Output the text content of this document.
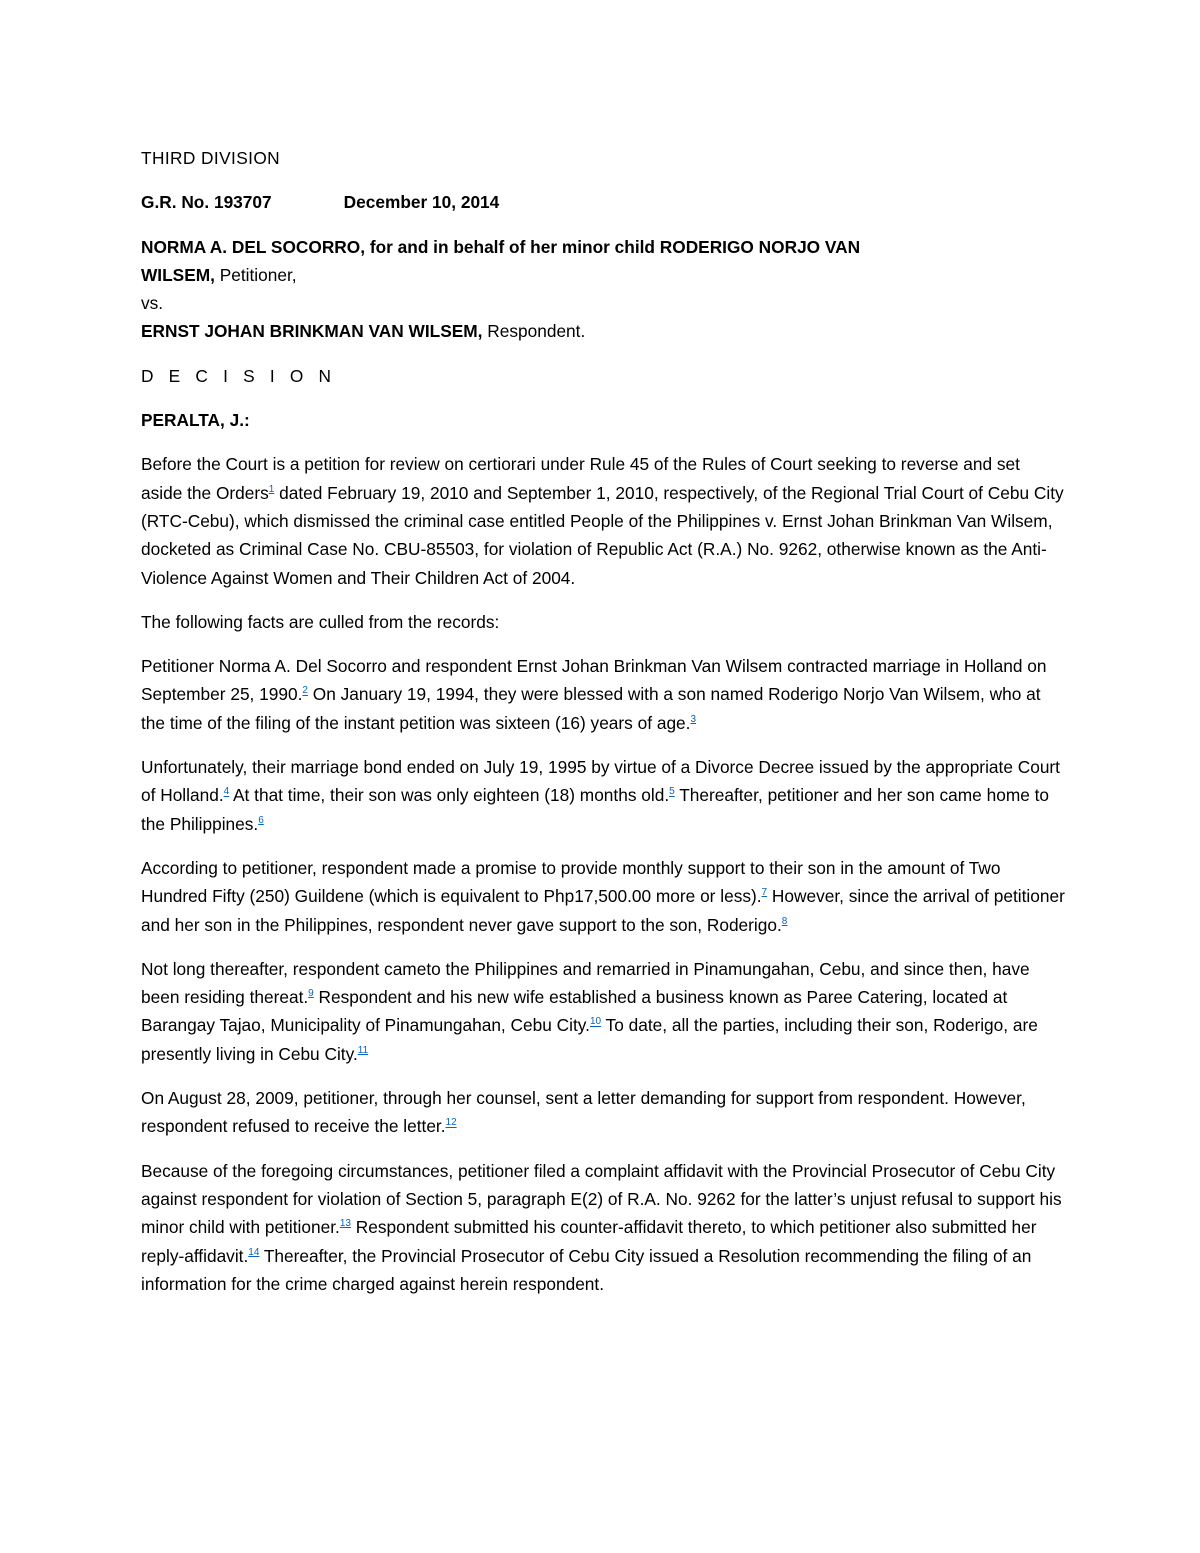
THIRD DIVISION

G.R. No. 193707	December 10, 2014

NORMA A. DEL SOCORRO, for and in behalf of her minor child RODERIGO NORJO VAN

WILSEM, Petitioner,

vs.

ERNST JOHAN BRINKMAN VAN WILSEM, Respondent.

D E C I S I O N

PERALTA, J.:

Before the Court is a petition for review on certiorari under Rule 45 of the Rules of Court seeking to reverse and set aside the Orders$^1$ dated February 19, 2010 and September 1, 2010, respectively, of the Regional Trial Court of Cebu City (RTC-Cebu), which dismissed the criminal case entitled People of the Philippines v. Ernst Johan Brinkman Van Wilsem, docketed as Criminal Case No. CBU-85503, for violation of Republic Act (R.A.) No. 9262, otherwise known as the Anti-Violence Against Women and Their Children Act of 2004.

The following facts are culled from the records:

Petitioner Norma A. Del Socorro and respondent Ernst Johan Brinkman Van Wilsem contracted marriage in Holland on September 25, 1990.$^2$ On January 19, 1994, they were blessed with a son named Roderigo Norjo Van Wilsem, who at the time of the filing of the instant petition was sixteen (16) years of age.$^3$

Unfortunately, their marriage bond ended on July 19, 1995 by virtue of a Divorce Decree issued by the appropriate Court of Holland.$^4$ At that time, their son was only eighteen (18) months old.$^5$ Thereafter, petitioner and her son came home to the Philippines.$^6$

According to petitioner, respondent made a promise to provide monthly support to their son in the amount of Two Hundred Fifty (250) Guildene (which is equivalent to Php17,500.00 more or less).$^7$ However, since the arrival of petitioner and her son in the Philippines, respondent never gave support to the son, Roderigo.$^8$

Not long thereafter, respondent cameto the Philippines and remarried in Pinamungahan, Cebu, and since then, have been residing thereat.$^9$ Respondent and his new wife established a business known as Paree Catering, located at Barangay Tajao, Municipality of Pinamungahan, Cebu City.$^{10}$ To date, all the parties, including their son, Roderigo, are presently living in Cebu City.$^{11}$

On August 28, 2009, petitioner, through her counsel, sent a letter demanding for support from respondent. However, respondent refused to receive the letter.$^{12}$

Because of the foregoing circumstances, petitioner filed a complaint affidavit with the Provincial Prosecutor of Cebu City against respondent for violation of Section 5, paragraph E(2) of R.A. No. 9262 for the latter’s unjust refusal to support his minor child with petitioner.$^{13}$ Respondent submitted his counter-affidavit thereto, to which petitioner also submitted her reply-affidavit.$^{14}$ Thereafter, the Provincial Prosecutor of Cebu City issued a Resolution recommending the filing of an information for the crime charged against herein respondent.
